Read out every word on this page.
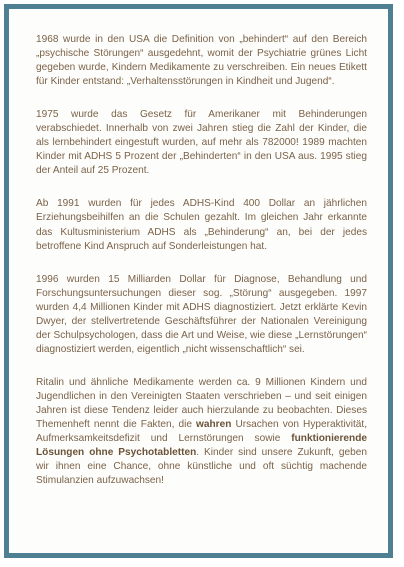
1968 wurde in den USA die Definition von „behindert“ auf den Bereich „psychische Störungen“ ausgedehnt, womit der Psychiatrie grünes Licht gegeben wurde, Kindern Medikamente zu verschreiben. Ein neues Etikett für Kinder entstand: „Verhaltensstörungen in Kindheit und Jugend“.

1975 wurde das Gesetz für Amerikaner mit Behinderungen verabschiedet. Innerhalb von zwei Jahren stieg die Zahl der Kinder, die als lernbehindert eingestuft wurden, auf mehr als 782000! 1989 machten Kinder mit ADHS 5 Prozent der „Behinderten“ in den USA aus. 1995 stieg der Anteil auf 25 Prozent.

Ab 1991 wurden für jedes ADHS-Kind 400 Dollar an jährlichen Erziehungsbeihilfen an die Schulen gezahlt. Im gleichen Jahr erkannte das Kultusministerium ADHS als „Behinderung“ an, bei der jedes betroffene Kind Anspruch auf Sonderleistungen hat.

1996 wurden 15 Milliarden Dollar für Diagnose, Behandlung und Forschungsuntersuchungen dieser sog. „Störung“ ausgegeben. 1997 wurden 4,4 Millionen Kinder mit ADHS diagnostiziert. Jetzt erklärte Kevin Dwyer, der stellvertretende Geschäftsführer der Nationalen Vereinigung der Schulpsychologen, dass die Art und Weise, wie diese „Lernstörungen“ diagnostiziert werden, eigentlich „nicht wissenschaftlich“ sei.

Ritalin und ähnliche Medikamente werden ca. 9 Millionen Kindern und Jugendlichen in den Vereinigten Staaten verschrieben – und seit einigen Jahren ist diese Tendenz leider auch hierzulande zu beobachten. Dieses Themenheft nennt die Fakten, die wahren Ursachen von Hyperaktivität, Aufmerksamkeitsdefizit und Lernstörungen sowie funktionierende Lösungen ohne Psychotabletten. Kinder sind unsere Zukunft, geben wir ihnen eine Chance, ohne künstliche und oft süchtig machende Stimulanzien aufzuwachsen!
